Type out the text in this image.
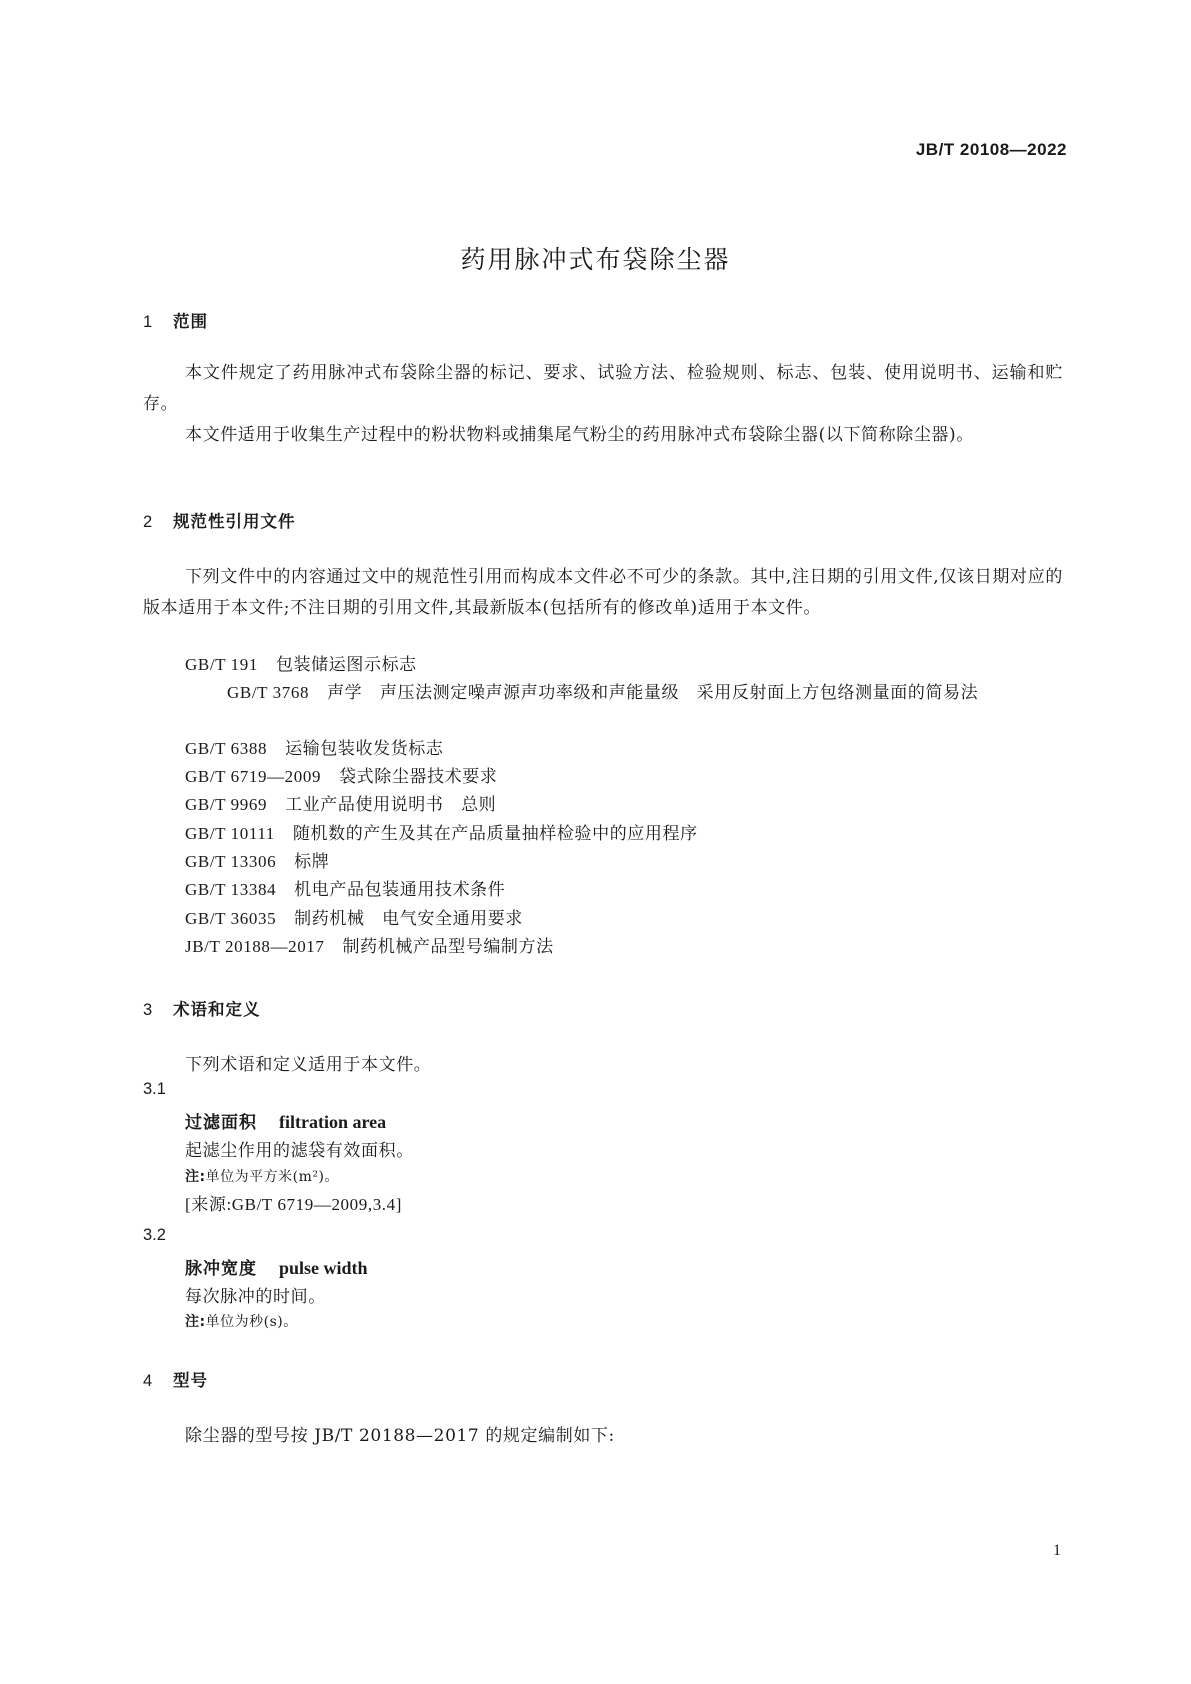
JB/T 20108—2022
药用脉冲式布袋除尘器
1 范围
本文件规定了药用脉冲式布袋除尘器的标记、要求、试验方法、检验规则、标志、包装、使用说明书、运输和贮存。
本文件适用于收集生产过程中的粉状物料或捕集尾气粉尘的药用脉冲式布袋除尘器(以下简称除尘器)。
2 规范性引用文件
下列文件中的内容通过文中的规范性引用而构成本文件必不可少的条款。其中,注日期的引用文件,仅该日期对应的版本适用于本文件;不注日期的引用文件,其最新版本(包括所有的修改单)适用于本文件。
GB/T 191 包装储运图示标志
GB/T 3768 声学　声压法测定噪声源声功率级和声能量级　采用反射面上方包络测量面的简易法
GB/T 6388 运输包装收发货标志
GB/T 6719—2009 袋式除尘器技术要求
GB/T 9969 工业产品使用说明书　总则
GB/T 10111 随机数的产生及其在产品质量抽样检验中的应用程序
GB/T 13306 标牌
GB/T 13384 机电产品包装通用技术条件
GB/T 36035 制药机械　电气安全通用要求
JB/T 20188—2017 制药机械产品型号编制方法
3 术语和定义
下列术语和定义适用于本文件。
3.1
过滤面积 filtration area
起滤尘作用的滤袋有效面积。
注:单位为平方米(m²)。
[来源:GB/T 6719—2009,3.4]
3.2
脉冲宽度 pulse width
每次脉冲的时间。
注:单位为秒(s)。
4 型号
除尘器的型号按 JB/T 20188—2017 的规定编制如下:
1
